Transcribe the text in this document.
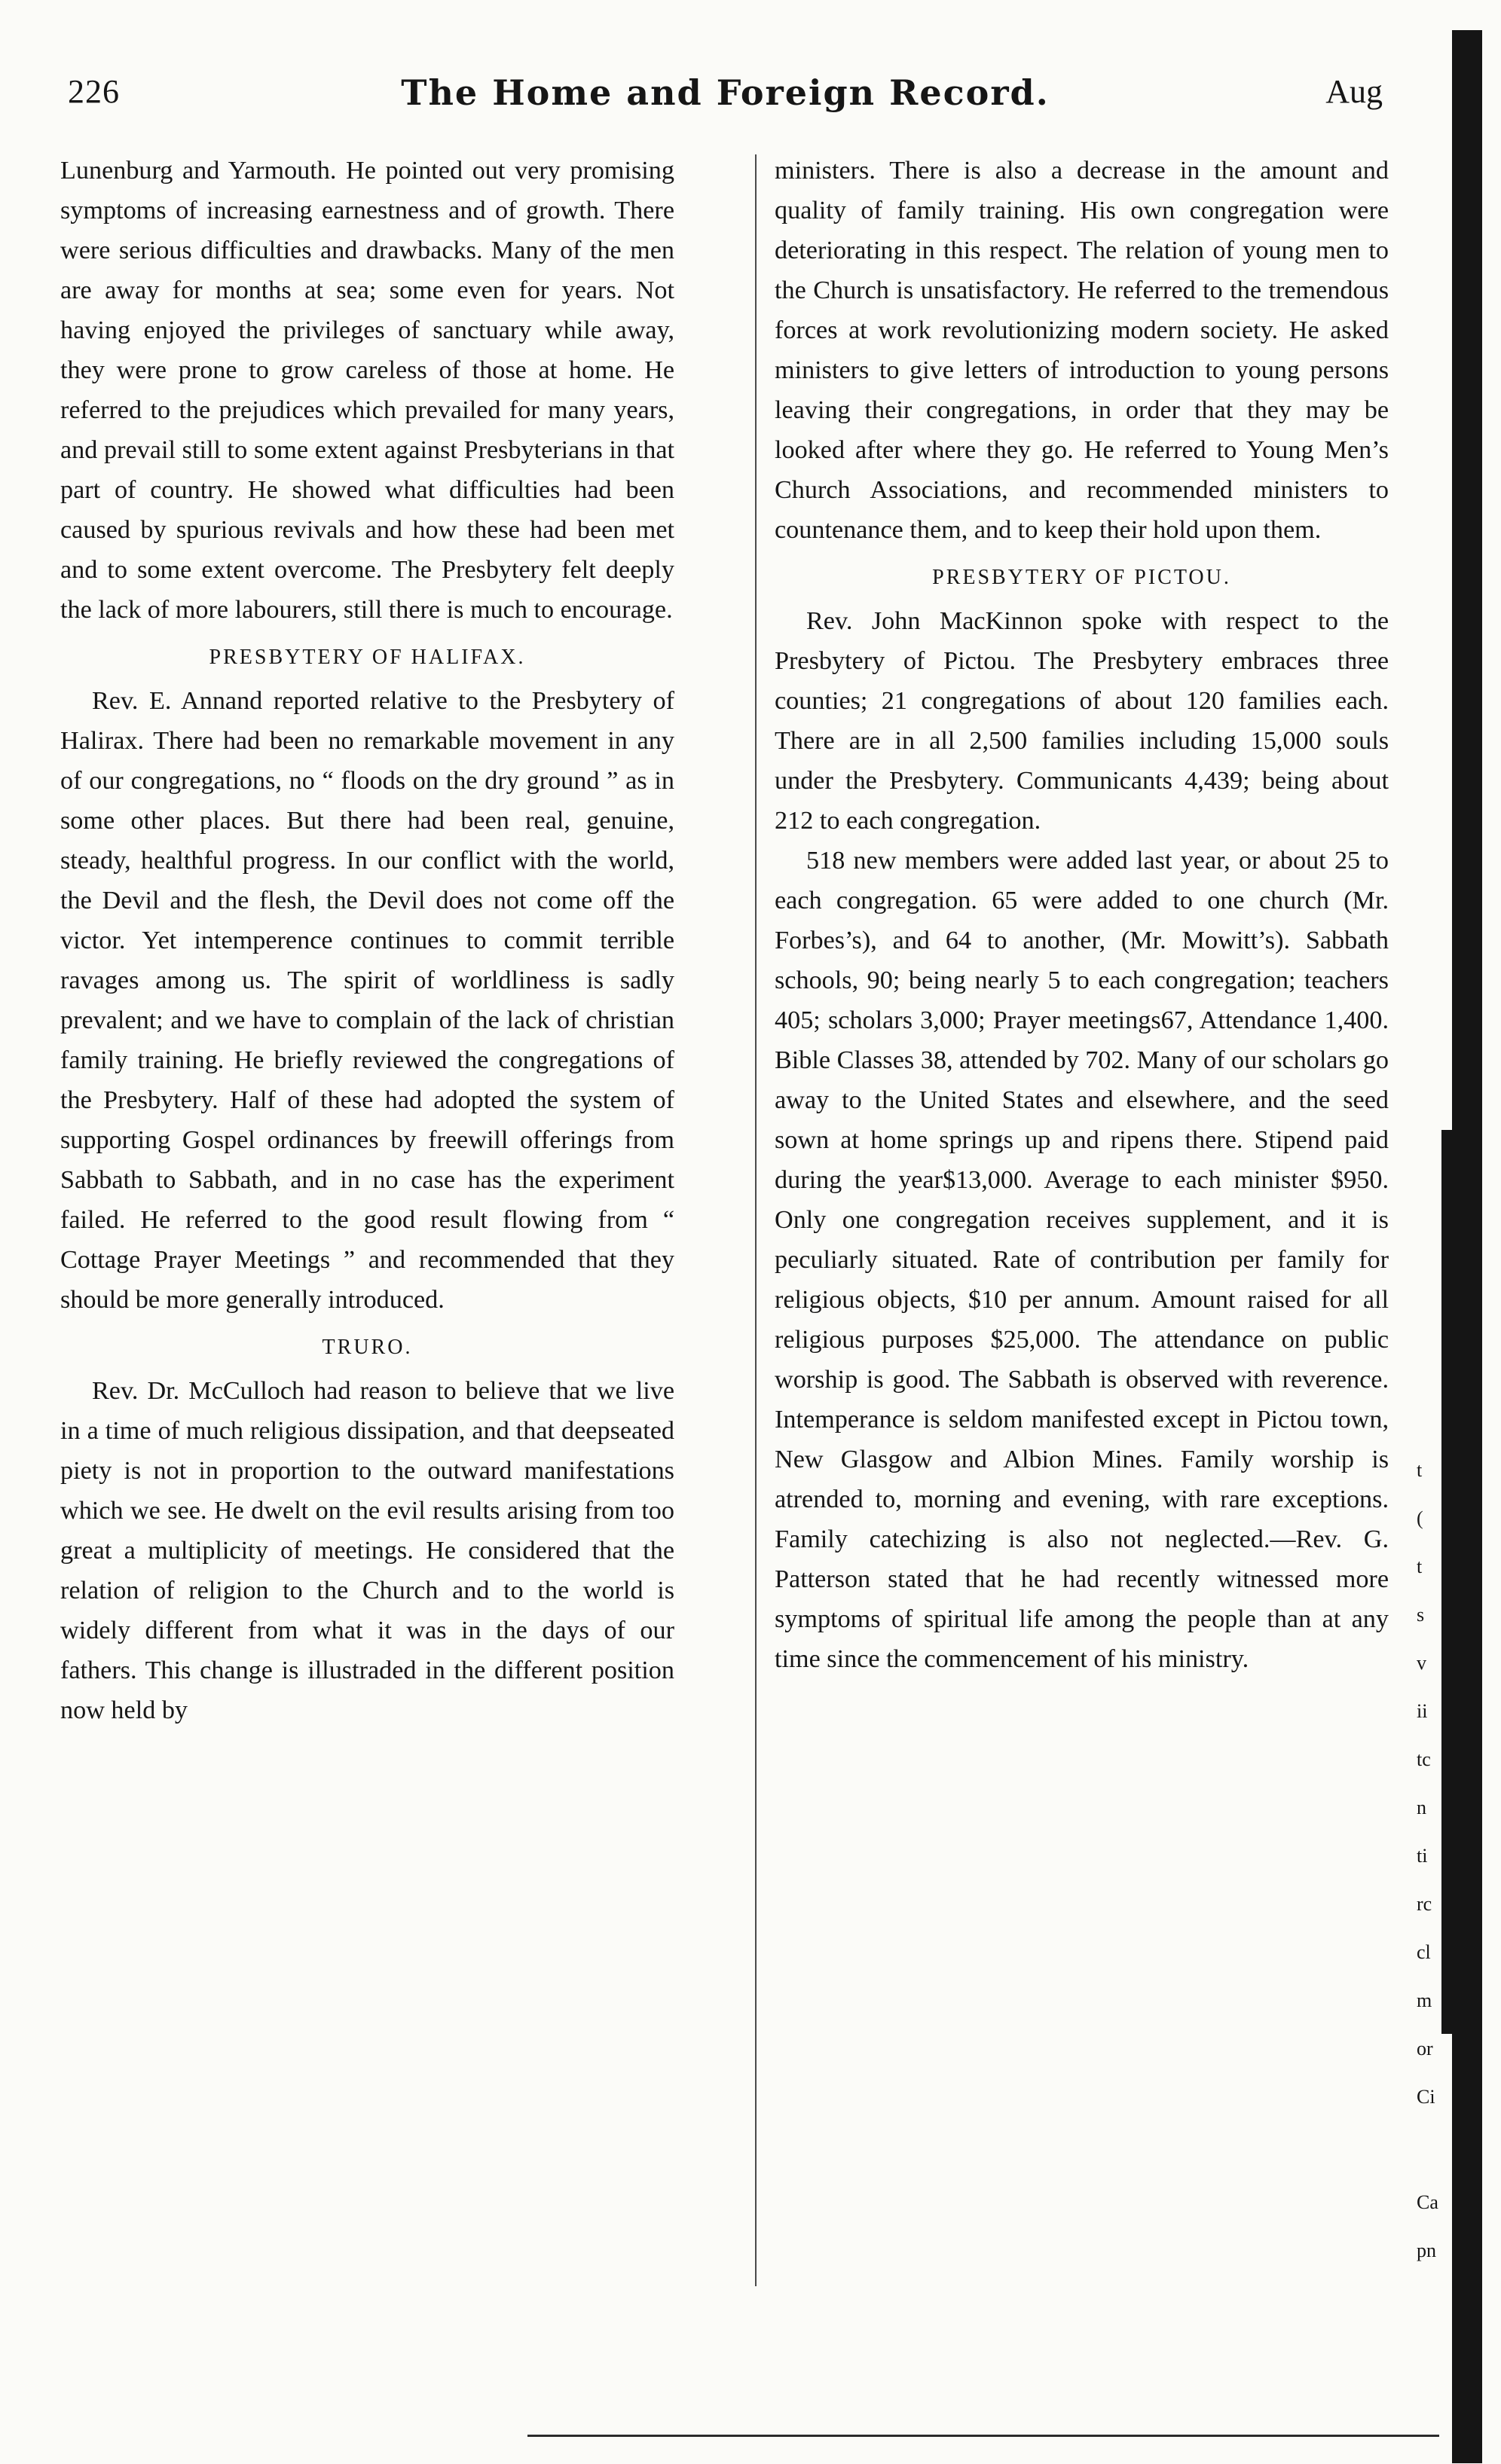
226	The Home and Foreign Record.	Aug

Lunenburg and Yarmouth. He pointed out very promising symptoms of increasing earnestness and of growth. There were serious difficulties and drawbacks. Many of the men are away for months at sea; some even for years. Not having enjoyed the privileges of sanctuary while away, they were prone to grow careless of those at home. He referred to the prejudices which prevailed for many years, and prevail still to some extent against Presbyterians in that part of country. He showed what difficulties had been caused by spurious revivals and how these had been met and to some extent overcome. The Presbytery felt deeply the lack of more labourers, still there is much to encourage.

PRESBYTERY OF HALIFAX.

Rev. E. Annand reported relative to the Presbytery of Halirax. There had been no remarkable movement in any of our congregations, no “ floods on the dry ground ” as in some other places. But there had been real, genuine, steady, healthful progress. In our conflict with the world, the Devil and the flesh, the Devil does not come off the victor. Yet intemperence continues to commit terrible ravages among us. The spirit of worldliness is sadly prevalent; and we have to complain of the lack of christian family training. He briefly reviewed the congregations of the Presbytery. Half of these had adopted the system of supporting Gospel ordinances by freewill offerings from Sabbath to Sabbath, and in no case has the experiment failed. He referred to the good result flowing from “ Cottage Prayer Meetings ” and recommended that they should be more generally introduced.

TRURO.

Rev. Dr. McCulloch had reason to believe that we live in a time of much religious dissipation, and that deepseated piety is not in proportion to the outward manifestations which we see. He dwelt on the evil results arising from too great a multiplicity of meetings. He considered that the relation of religion to the Church and to the world is widely different from what it was in the days of our fathers. This change is illustraded in the different position now held by

ministers. There is also a decrease in the amount and quality of family training. His own congregation were deteriorating in this respect. The relation of young men to the Church is unsatisfactory. He referred to the tremendous forces at work revolutionizing modern society. He asked ministers to give letters of introduction to young persons leaving their congregations, in order that they may be looked after where they go. He referred to Young Men’s Church Associations, and recommended ministers to countenance them, and to keep their hold upon them.

PRESBYTERY OF PICTOU.

Rev. John MacKinnon spoke with respect to the Presbytery of Pictou. The Presbytery embraces three counties; 21 congregations of about 120 families each. There are in all 2,500 families including 15,000 souls under the Presbytery. Communicants 4,439; being about 212 to each congregation.

518 new members were added last year, or about 25 to each congregation. 65 were added to one church (Mr. Forbes’s), and 64 to another, (Mr. Mowitt’s). Sabbath schools, 90; being nearly 5 to each congregation; teachers 405; scholars 3,000; Prayer meetings67, Attendance 1,400. Bible Classes 38, attended by 702. Many of our scholars go away to the United States and elsewhere, and the seed sown at home springs up and ripens there. Stipend paid during the year$13,000. Average to each minister $950. Only one congregation receives supplement, and it is peculiarly situated. Rate of contribution per family for religious objects, $10 per annum. Amount raised for all religious purposes $25,000. The attendance on public worship is good. The Sabbath is observed with reverence. Intemperance is seldom manifested except in Pictou town, New Glasgow and Albion Mines. Family worship is atrended to, morning and evening, with rare exceptions. Family catechizing is also not neglected.—Rev. G. Patterson stated that he had recently witnessed more symptoms of spiritual life among the people than at any time since the commencement of his ministry.

t
(
t
s
v
ii
tc
n
ti
rc
cl
m
or
Ci
Ca
pn
